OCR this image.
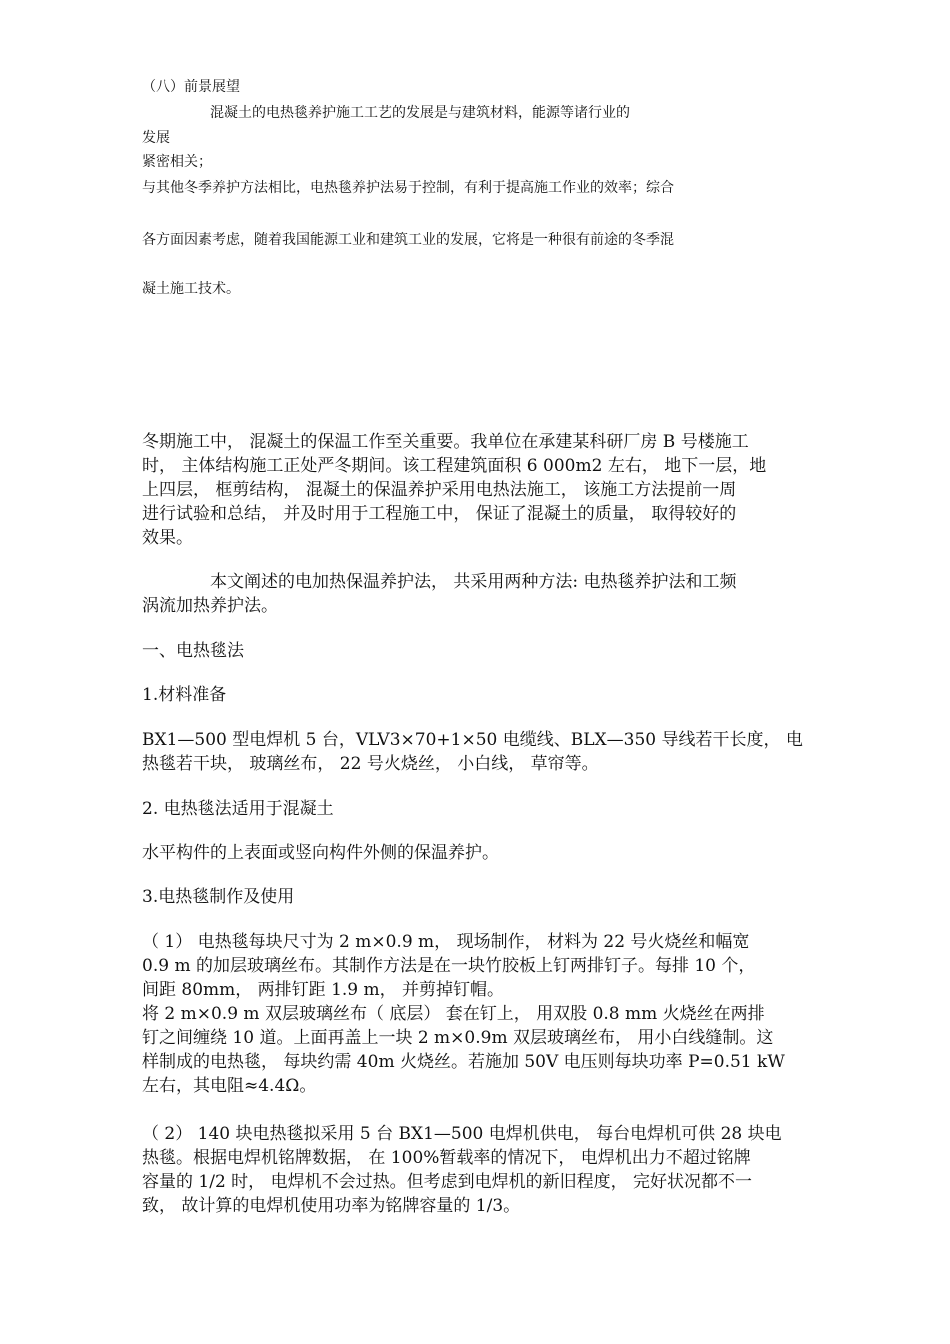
（八）前景展望

混凝土的电热毯养护施工工艺的发展是与建筑材料，能源等诸行业的

发展

紧密相关；

与其他冬季养护方法相比，电热毯养护法易于控制，有利于提高施工作业的效率；综合

各方面因素考虑，随着我国能源工业和建筑工业的发展，它将是一种很有前途的冬季混

凝土施工技术。

冬期施工中， 混凝土的保温工作至关重要。我单位在承建某科研厂房 B 号楼施工

时， 主体结构施工正处严冬期间。该工程建筑面积 6 000m2 左右， 地下一层，地

上四层， 框剪结构， 混凝土的保温养护采用电热法施工， 该施工方法提前一周

进行试验和总结， 并及时用于工程施工中， 保证了混凝土的质量， 取得较好的

效果。

本文阐述的电加热保温养护法， 共采用两种方法: 电热毯养护法和工频

涡流加热养护法。

一、电热毯法

1.材料准备

BX1—500 型电焊机 5 台，VLV3×70+1×50 电缆线、BLX—350 导线若干长度， 电

热毯若干块， 玻璃丝布， 22 号火烧丝， 小白线， 草帘等。

2. 电热毯法适用于混凝土

水平构件的上表面或竖向构件外侧的保温养护。

3.电热毯制作及使用

（ 1） 电热毯每块尺寸为 2 m×0.9 m， 现场制作， 材料为 22 号火烧丝和幅宽

0.9 m 的加层玻璃丝布。其制作方法是在一块竹胶板上钉两排钉子。每排 10 个，

间距 80mm， 两排钉距 1.9 m， 并剪掉钉帽。

将 2 m×0.9 m 双层玻璃丝布（ 底层） 套在钉上， 用双股 0.8 mm 火烧丝在两排

钉之间缠绕 10 道。上面再盖上一块 2 m×0.9m 双层玻璃丝布， 用小白线缝制。这

样制成的电热毯， 每块约需 40m 火烧丝。若施加 50V 电压则每块功率 P=0.51 kW

左右，其电阻≈4.4Ω。

（ 2） 140 块电热毯拟采用 5 台 BX1—500 电焊机供电， 每台电焊机可供 28 块电

热毯。根据电焊机铭牌数据， 在 100%暂载率的情况下， 电焊机出力不超过铭牌

容量的 1/2 时， 电焊机不会过热。但考虑到电焊机的新旧程度， 完好状况都不一

致， 故计算的电焊机使用功率为铭牌容量的 1/3。
